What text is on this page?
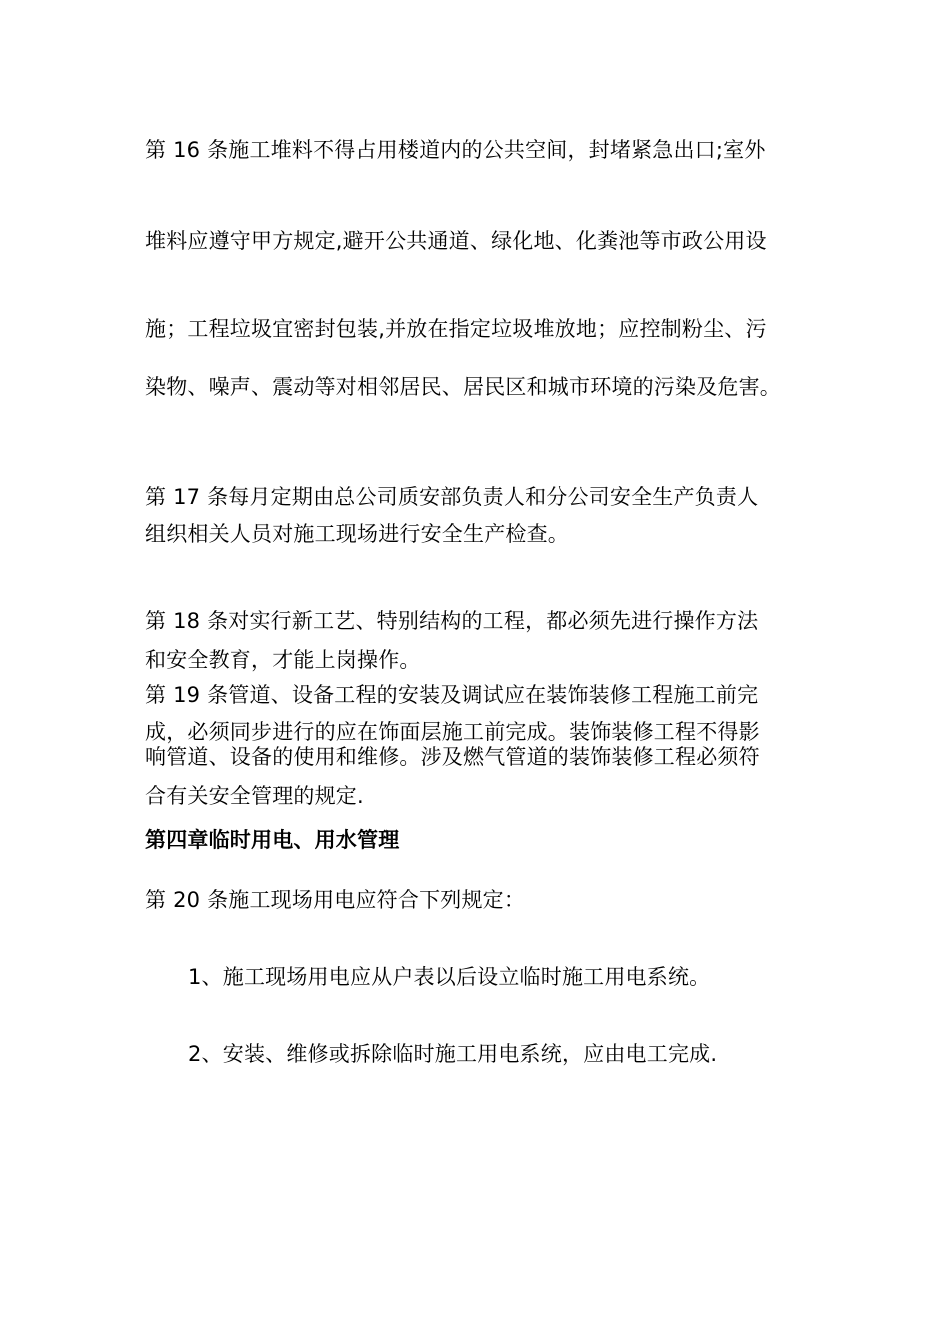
第 16 条施工堆料不得占用楼道内的公共空间，封堵紧急出口;室外
堆料应遵守甲方规定,避开公共通道、绿化地、化粪池等市政公用设
施；工程垃圾宜密封包装,并放在指定垃圾堆放地；应控制粉尘、污
染物、噪声、震动等对相邻居民、居民区和城市环境的污染及危害。
第 17 条每月定期由总公司质安部负责人和分公司安全生产负责人
组织相关人员对施工现场进行安全生产检查。
第 18 条对实行新工艺、特别结构的工程，都必须先进行操作方法
和安全教育，才能上岗操作。
第 19 条管道、设备工程的安装及调试应在装饰装修工程施工前完
成，必须同步进行的应在饰面层施工前完成。装饰装修工程不得影
响管道、设备的使用和维修。涉及燃气管道的装饰装修工程必须符
合有关安全管理的规定.
第四章临时用电、用水管理
第 20 条施工现场用电应符合下列规定：
1、施工现场用电应从户表以后设立临时施工用电系统。
2、安装、维修或拆除临时施工用电系统，应由电工完成.
